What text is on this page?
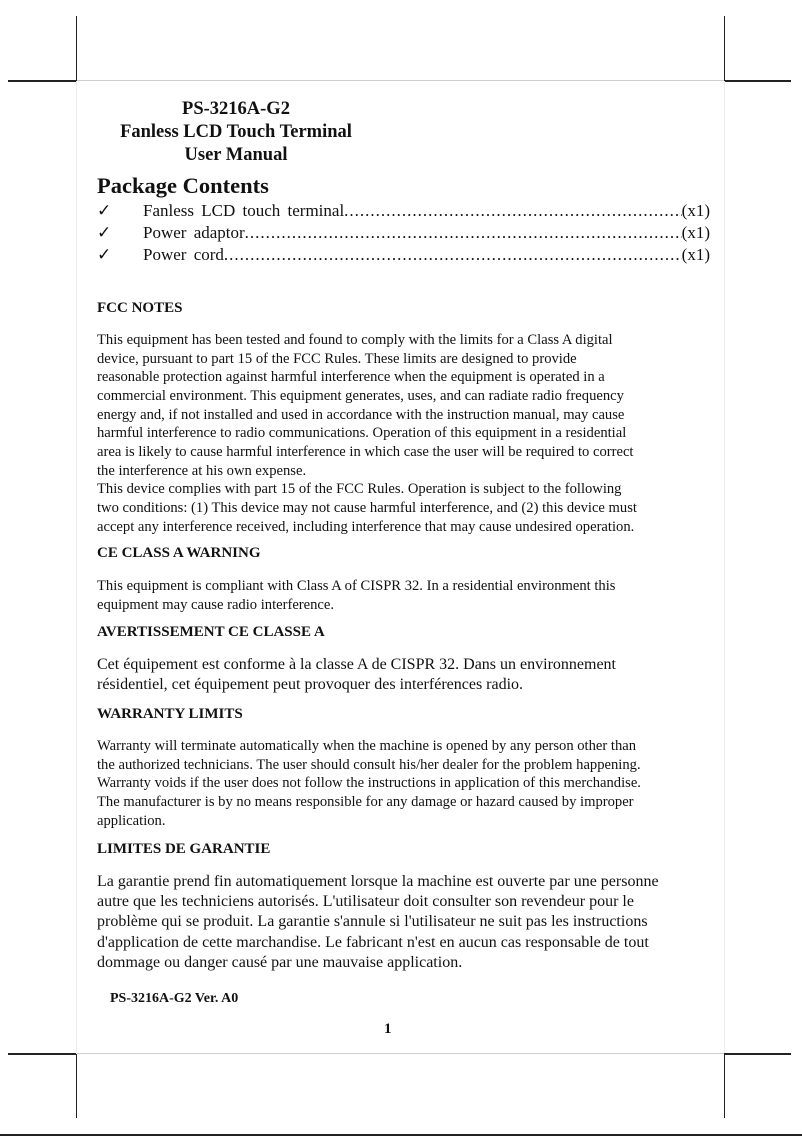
PS-3216A-G2
Fanless LCD Touch Terminal
User Manual
Package Contents
✓	Fanless LCD touch terminal .....	(x1)
✓	Power adaptor .....	(x1)
✓	Power cord .....	(x1)
FCC NOTES
This equipment has been tested and found to comply with the limits for a Class A digital
device, pursuant to part 15 of the FCC Rules. These limits are designed to provide
reasonable protection against harmful interference when the equipment is operated in a
commercial environment. This equipment generates, uses, and can radiate radio frequency
energy and, if not installed and used in accordance with the instruction manual, may cause
harmful interference to radio communications. Operation of this equipment in a residential
area is likely to cause harmful interference in which case the user will be required to correct
the interference at his own expense.
This device complies with part 15 of the FCC Rules. Operation is subject to the following
two conditions: (1) This device may not cause harmful interference, and (2) this device must
accept any interference received, including interference that may cause undesired operation.
CE CLASS A WARNING
This equipment is compliant with Class A of CISPR 32. In a residential environment this
equipment may cause radio interference.
AVERTISSEMENT CE CLASSE A
Cet équipement est conforme à la classe A de CISPR 32. Dans un environnement
résidentiel, cet équipement peut provoquer des interférences radio.
WARRANTY LIMITS
Warranty will terminate automatically when the machine is opened by any person other than
the authorized technicians. The user should consult his/her dealer for the problem happening.
Warranty voids if the user does not follow the instructions in application of this merchandise.
The manufacturer is by no means responsible for any damage or hazard caused by improper
application.
LIMITES DE GARANTIE
La garantie prend fin automatiquement lorsque la machine est ouverte par une personne
autre que les techniciens autorisés. L'utilisateur doit consulter son revendeur pour le
problème qui se produit. La garantie s'annule si l'utilisateur ne suit pas les instructions
d'application de cette marchandise. Le fabricant n'est en aucun cas responsable de tout
dommage ou danger causé par une mauvaise application.
PS-3216A-G2 Ver. A0
1
